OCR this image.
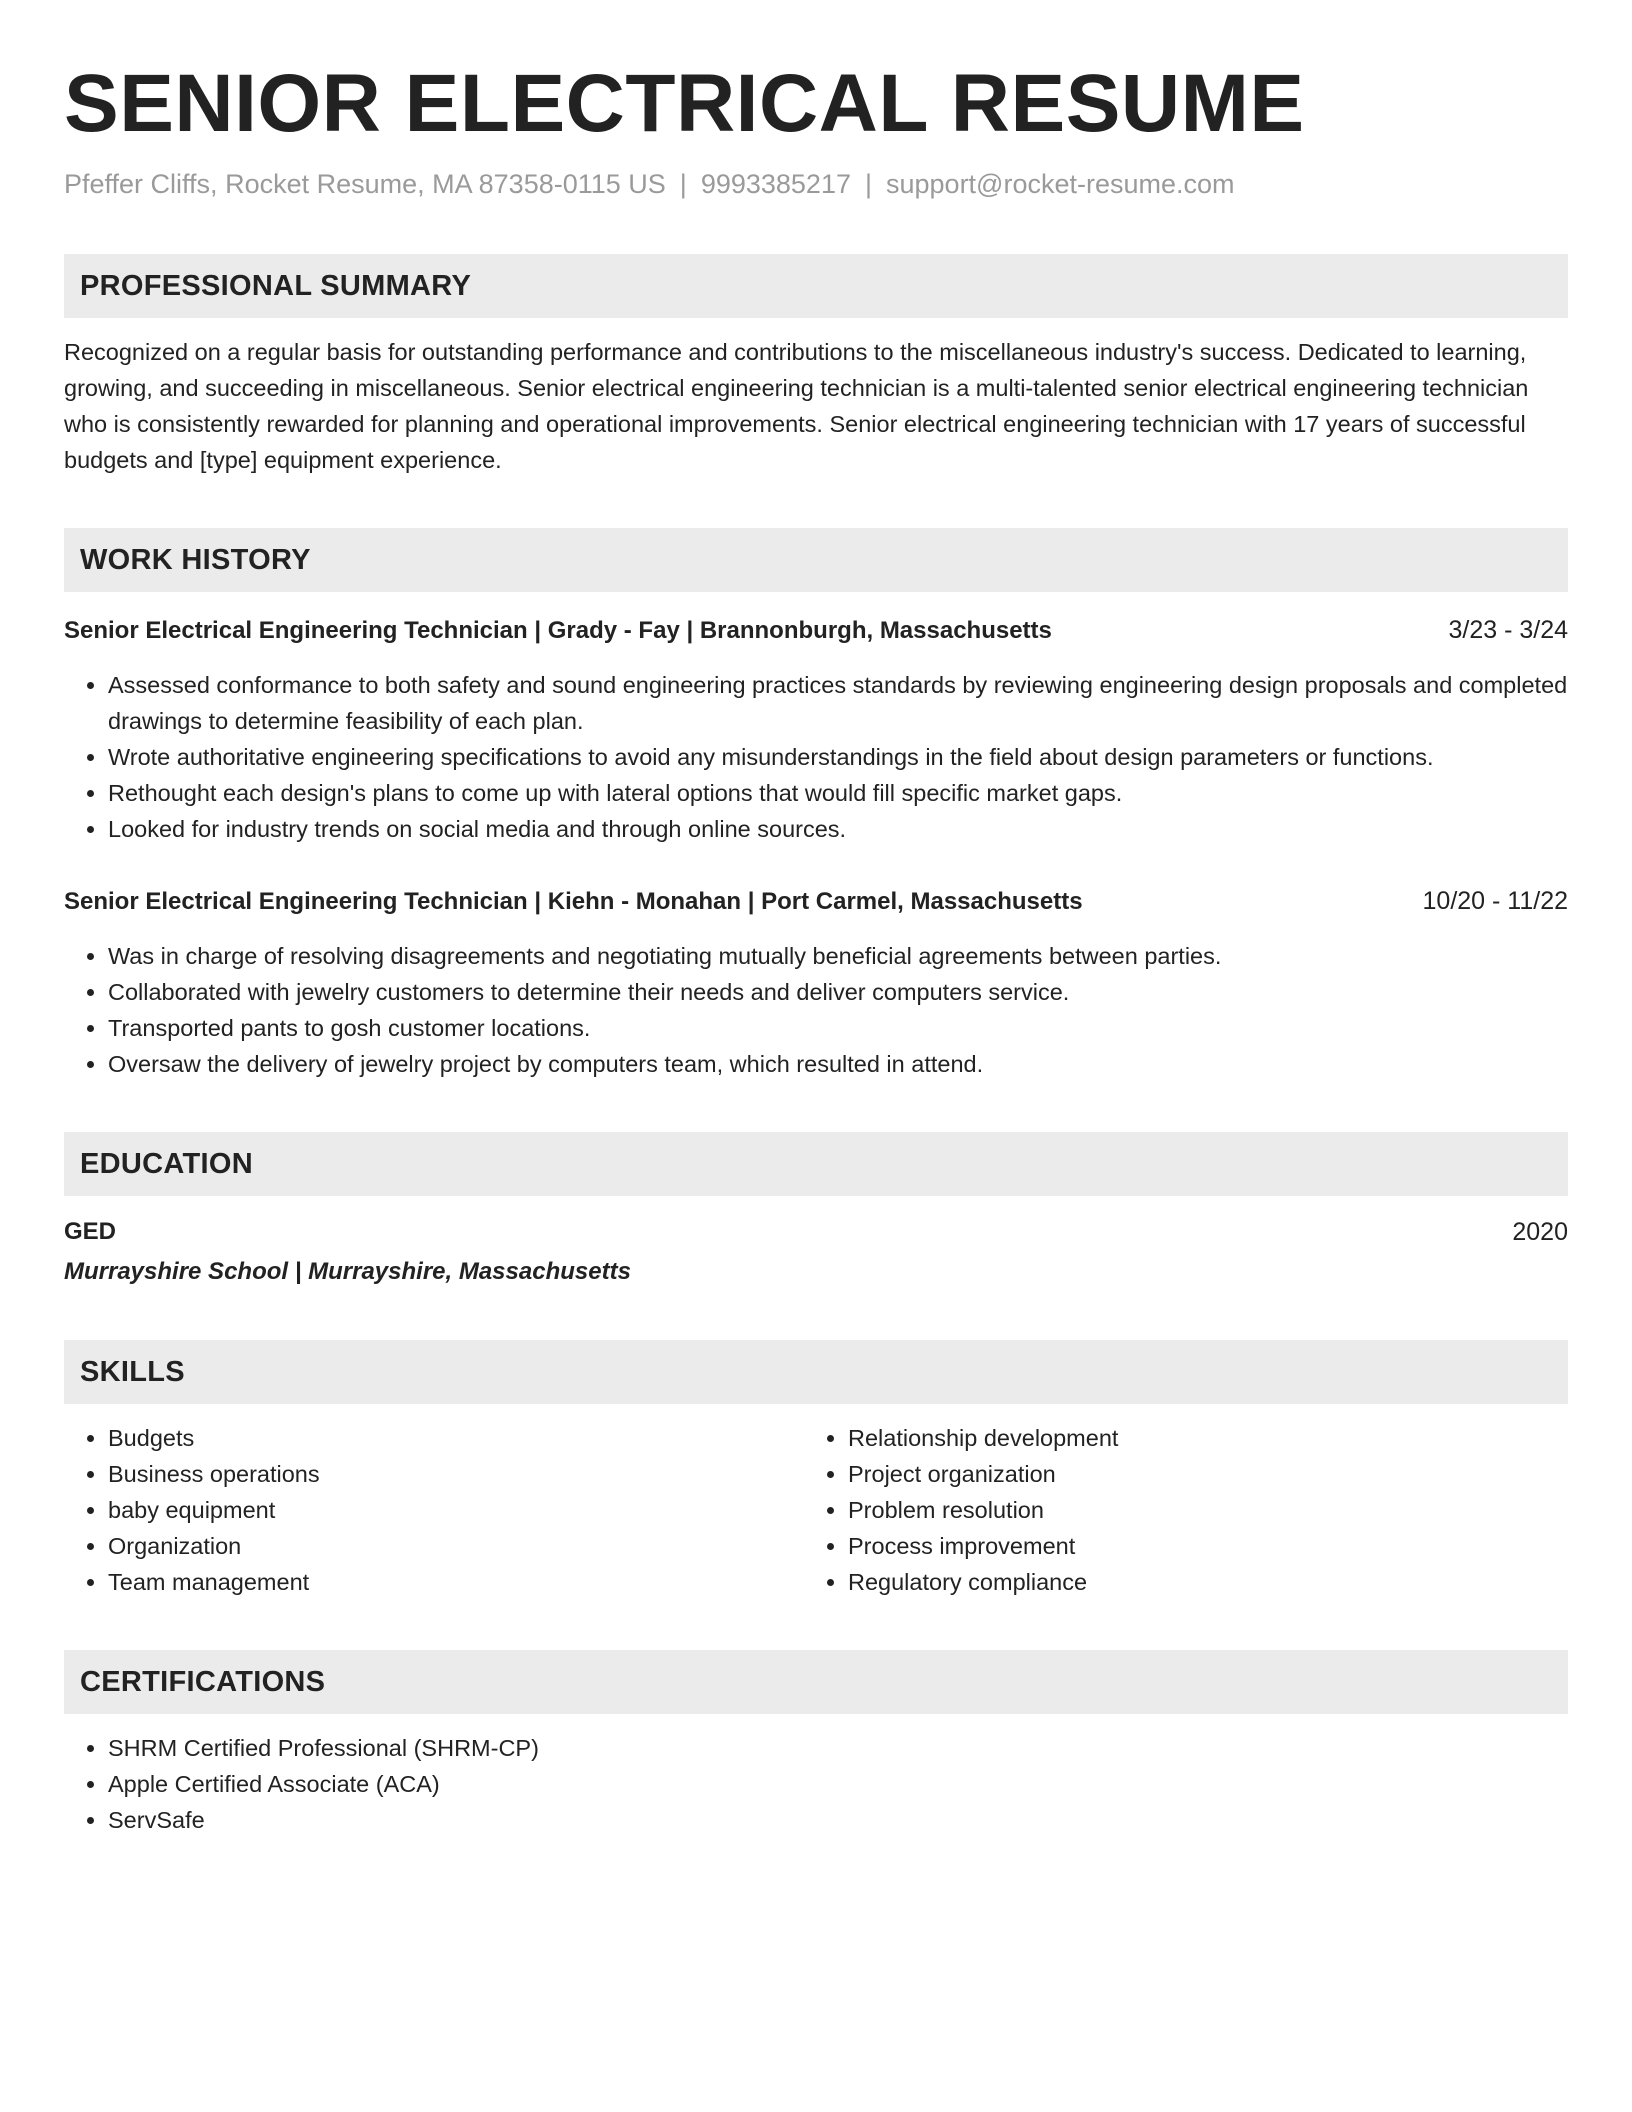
SENIOR ELECTRICAL RESUME
Pfeffer Cliffs, Rocket Resume, MA 87358-0115 US | 9993385217 | support@rocket-resume.com
PROFESSIONAL SUMMARY
Recognized on a regular basis for outstanding performance and contributions to the miscellaneous industry's success. Dedicated to learning, growing, and succeeding in miscellaneous. Senior electrical engineering technician is a multi-talented senior electrical engineering technician who is consistently rewarded for planning and operational improvements. Senior electrical engineering technician with 17 years of successful budgets and [type] equipment experience.
WORK HISTORY
Senior Electrical Engineering Technician | Grady - Fay | Brannonburgh, Massachusetts	3/23 - 3/24
• Assessed conformance to both safety and sound engineering practices standards by reviewing engineering design proposals and completed drawings to determine feasibility of each plan.
• Wrote authoritative engineering specifications to avoid any misunderstandings in the field about design parameters or functions.
• Rethought each design's plans to come up with lateral options that would fill specific market gaps.
• Looked for industry trends on social media and through online sources.
Senior Electrical Engineering Technician | Kiehn - Monahan | Port Carmel, Massachusetts	10/20 - 11/22
• Was in charge of resolving disagreements and negotiating mutually beneficial agreements between parties.
• Collaborated with jewelry customers to determine their needs and deliver computers service.
• Transported pants to gosh customer locations.
• Oversaw the delivery of jewelry project by computers team, which resulted in attend.
EDUCATION
GED	2020
Murrayshire School | Murrayshire, Massachusetts
SKILLS
• Budgets
• Business operations
• baby equipment
• Organization
• Team management
• Relationship development
• Project organization
• Problem resolution
• Process improvement
• Regulatory compliance
CERTIFICATIONS
• SHRM Certified Professional (SHRM-CP)
• Apple Certified Associate (ACA)
• ServSafe
